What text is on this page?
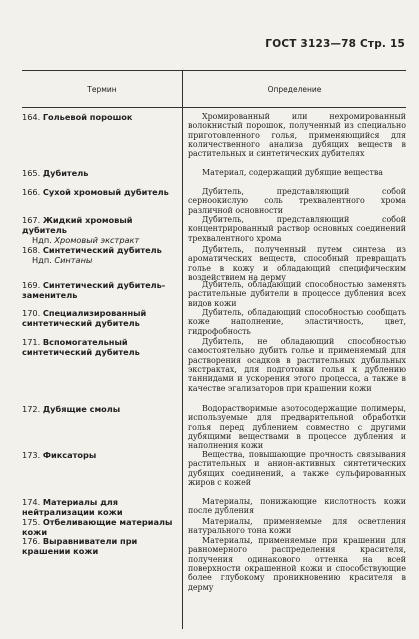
ГОСТ 3123—78 Стр. 15
Термин	Определение
164. Гольевой порошок
165. Дубитель
166. Сухой хромовый дубитель
167. Жидкий хромовый дубитель
Ндп. Хромовый экстракт
168. Синтетический дубитель
Ндп. Синтаны
169. Синтетический дубитель-заменитель
170. Специализированный синтетический дубитель
171. Вспомогательный синтетический дубитель
172. Дубящие смолы
173. Фиксаторы
174. Материалы для нейтрализации кожи
175. Отбеливающие материалы кожи
176. Выравниватели при крашении кожи
Хромированный или нехромированный волокнистый порошок, полученный из специально приготовленного голья, применяющийся для количественного анализа дубящих веществ в растительных и синтетических дубителях
Материал, содержащий дубящие вещества
Дубитель, представляющий собой серноокислую соль трехвалентного хрома различной основности
Дубитель, представляющий собой концентрированный раствор основных соединений трехвалентного хрома
Дубитель, полученный путем синтеза из ароматических веществ, способный превращать голье в кожу и обладающий специфическим воздействием на дерму
Дубитель, обладающий способностью заменять растительные дубители в процессе дубления всех видов кожи
Дубитель, обладающий способностью сообщать коже наполнение, эластичность, цвет, гидрофобность
Дубитель, не обладающий способностью самостоятельно дубить голье и применяемый для растворения осадков в растительных дубильных экстрактах, для подготовки голья к дублению таннидами и ускорения этого процесса, а также в качестве эгализаторов при крашении кожи
Водорастворимые азотосодержащие полимеры, используемые для предварительной обработки голья перед дублением совместно с другими дубящими веществами в процессе дубления и наполнения кожи
Вещества, повышающие прочность связывания растительных и анион-активных синтетических дубящих соединений, а также сульфированных жиров с кожей
Материалы, понижающие кислотность кожи после дубления
Материалы, применяемые для осветления натурального тона кожи
Материалы, применяемые при крашении для равномерного распределения красителя, получения одинакового оттенка на всей поверхности окрашенной кожи и способствующие более глубокому проникновению красителя в дерму
